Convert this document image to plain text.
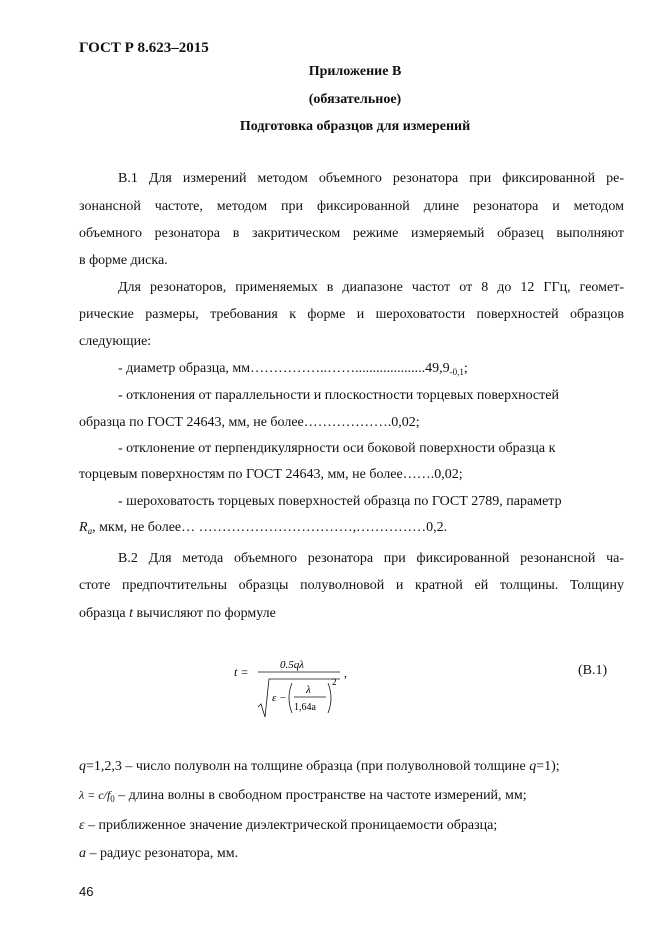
ГОСТ Р 8.623–2015
Приложение В
(обязательное)
Подготовка образцов для измерений
В.1 Для измерений методом объемного резонатора при фиксированной ре-
зонансной частоте, методом при фиксированной длине резонатора и методом
объемного резонатора в закритическом режиме измеряемый образец выполняют
в форме диска.
Для резонаторов, применяемых в диапазоне частот от 8 до 12 ГГц, геомет-
рические размеры, требования к форме и шероховатости поверхностей образцов
следующие:
- диаметр образца, $мм\dots\dots\dots\dots\dots..\dots\dots....................49,9_{-0,1}$;
- отклонения от параллельности и плоскостности торцевых поверхностей
образца по ГОСТ 24643, мм, не более……………….0,02;
- отклонение от перпендикулярности оси боковой поверхности образца к
торцевым поверхностям по ГОСТ 24643, мм, не более…….0,02;
- шероховатость торцевых поверхностей образца по ГОСТ 2789, параметр
$R_a$, мкм, не более… ……………………………,……………0,2.
В.2 Для метода объемного резонатора при фиксированной резонансной ча-
стоте предпочтительны образцы полуволновой и кратной ей толщины. Толщину
образца t вычисляют по формуле
t =	0.5qλ
ε −
λ
1,64a
2
,	(В.1)
q=1,2,3 – число полуволн на толщине образца (при полуволновой толщине q=1);
$\lambda = c/f_0$ – длина волны в свободном пространстве на частоте измерений, мм;
ε – приближенное значение диэлектрической проницаемости образца;
a – радиус резонатора, мм.
46
